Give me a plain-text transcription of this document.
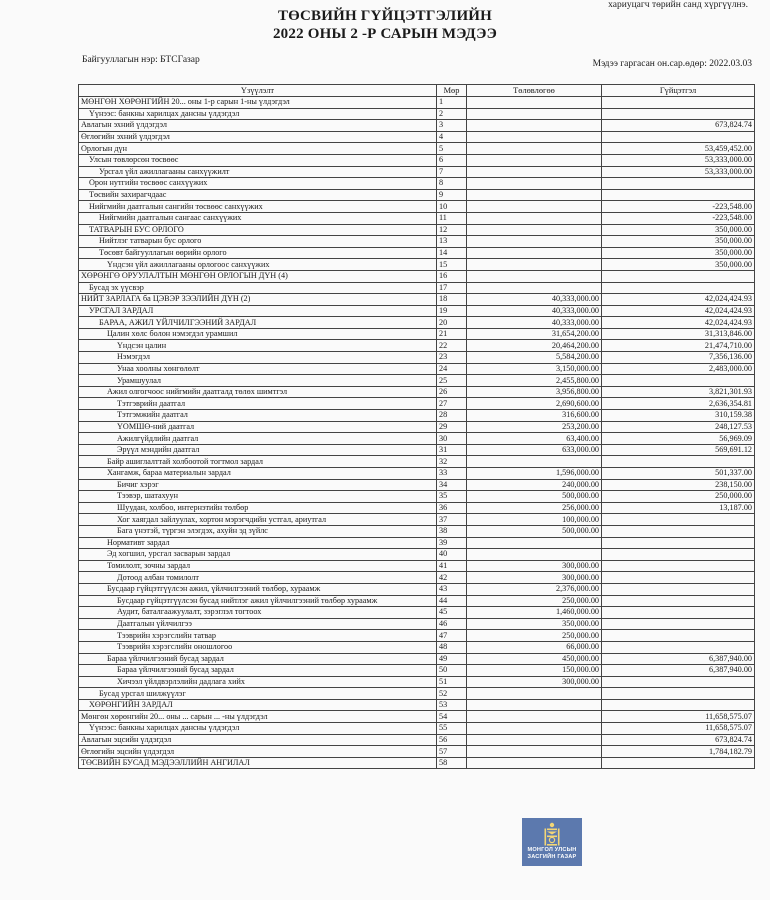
хариуцагч төрийн санд хүргүүлнэ.
ТӨСВИЙН ГҮЙЦЭТГЭЛИЙН
2022 ОНЫ 2 -Р САРЫН МЭДЭЭ
Байгууллагын нэр: БТСГазар	Мэдээ гаргасан он.сар.өдөр: 2022.03.03
Үзүүлэлт	Мөр	Төлөвлөгөө	Гүйцэтгэл
МӨНГӨН ХӨРӨНГИЙН 20... оны 1-р сарын 1-ны үлдэгдэл	1		
Үүнээс: банкны харилцах дансны үлдэгдэл	2		
Авлагын эхний үлдэгдэл	3		673,824.74
Өглөгийн эхний үлдэгдэл	4		
Орлогын дүн	5		53,459,452.00
Улсын төвлөрсөн төсвөөс	6		53,333,000.00
Урсгал үйл ажиллагааны санхүүжилт	7		53,333,000.00
Орон нутгийн төсвөөс санхүүжих	8		
Төсвийн захирагчдаас	9		
Нийгмийн даатгалын сангийн төсвөөс санхүүжих	10		-223,548.00
Нийгмийн даатгалын сангаас санхүүжих	11		-223,548.00
ТАТВАРЫН БУС ОРЛОГО	12		350,000.00
Нийтлэг татварын бус орлого	13		350,000.00
Төсөвт байгууллагын өөрийн орлого	14		350,000.00
Үндсэн үйл ажиллагааны орлогоос санхүүжих	15		350,000.00
ХӨРӨНГӨ ОРУУЛАЛТЫН МӨНГӨН ОРЛОГЫН ДҮН (4)	16		
Бусад эх үүсвэр	17		
НИЙТ ЗАРЛАГА ба ЦЭВЭР ЗЭЭЛИЙН ДҮН (2)	18	40,333,000.00	42,024,424.93
УРСГАЛ ЗАРДАЛ	19	40,333,000.00	42,024,424.93
БАРАА, АЖИЛ ҮЙЛЧИЛГЭЭНИЙ ЗАРДАЛ	20	40,333,000.00	42,024,424.93
Цалин хөлс болон нэмэгдэл урамшил	21	31,654,200.00	31,313,846.00
Үндсэн цалин	22	20,464,200.00	21,474,710.00
Нэмэгдэл	23	5,584,200.00	7,356,136.00
Унаа хоолны хөнгөлөлт	24	3,150,000.00	2,483,000.00
Урамшуулал	25	2,455,800.00	
Ажил олгогчоос нийгмийн даатгалд төлөх шимтгэл	26	3,956,800.00	3,821,301.93
Тэтгэврийн даатгал	27	2,690,600.00	2,636,354.81
Тэтгэмжийн даатгал	28	316,600.00	310,159.38
ҮОМШӨ-ний даатгал	29	253,200.00	248,127.53
Ажилгүйдлийн даатгал	30	63,400.00	56,969.09
Эрүүл мэндийн даатгал	31	633,000.00	569,691.12
Байр ашиглалттай холбоотой тогтмол зардал	32		
Хангамж, бараа материалын зардал	33	1,596,000.00	501,337.00
Бичиг хэрэг	34	240,000.00	238,150.00
Тээвэр, шатахуун	35	500,000.00	250,000.00
Шуудан, холбоо, интернэтийн төлбөр	36	256,000.00	13,187.00
Хог хаягдал зайлуулах, хортон мэрэгчдийн устгал, ариутгал	37	100,000.00	
Бага үнэтэй, түргэн элэгдэх, ахуйн эд зүйлс	38	500,000.00	
Нормативт зардал	39		
Эд хогшил, урсгал засварын зардал	40		
Томилолт, зочны зардал	41	300,000.00	
Дотоод албан томилолт	42	300,000.00	
Бусдаар гүйцэтгүүлсэн ажил, үйлчилгээний төлбөр, хураамж	43	2,376,000.00	
Бусдаар гүйцэтгүүлсэн бусад нийтлэг ажил үйлчилгээний төлбөр хураамж	44	250,000.00	
Аудит, баталгаажуулалт, зэрэглэл тогтоох	45	1,460,000.00	
Даатгалын үйлчилгээ	46	350,000.00	
Тээврийн хэрэгслийн татвар	47	250,000.00	
Тээврийн хэрэгслийн оношлогоо	48	66,000.00	
Бараа үйлчилгээний бусад зардал	49	450,000.00	6,387,940.00
Бараа үйлчилгээний бусад зардал	50	150,000.00	6,387,940.00
Хичээл үйлдвэрлэлийн дадлага хийх	51	300,000.00	
Бусад урсгал шилжүүлэг	52		
ХӨРӨНГИЙН ЗАРДАЛ	53		
Мөнгөн хөрөнгийн 20... оны ... сарын ... -ны үлдэгдэл	54		11,658,575.07
Үүнээс: банкны харилцах дансны үлдэгдэл	55		11,658,575.07
Авлагын эцсийн үлдэгдэл	56		673,824.74
Өглөгийн эцсийн үлдэгдэл	57		1,784,182.79
ТӨСВИЙН БУСАД МЭДЭЭЛЛИЙН АНГИЛАЛ	58		
МОНГОЛ УЛСЫН
ЗАСГИЙН ГАЗАР
